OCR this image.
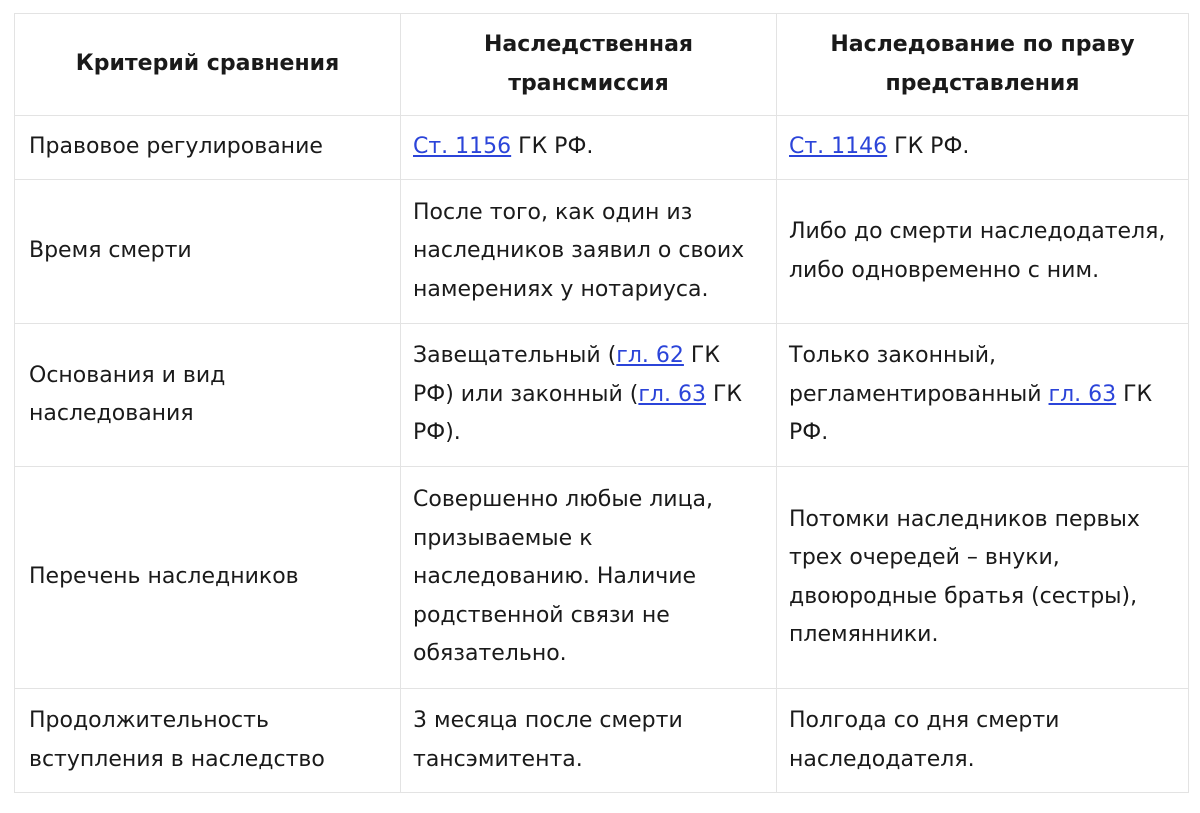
Критерий сравнения	Наследственная трансмиссия	Наследование по праву представления
Правовое регулирование	Ст. 1156 ГК РФ.	Ст. 1146 ГК РФ.
Время смерти	После того, как один из наследников заявил о своих намерениях у нотариуса.	Либо до смерти наследодателя, либо одновременно с ним.
Основания и вид наследования	Завещательный (гл. 62 ГК РФ) или законный (гл. 63 ГК РФ).	Только законный, регламентированный гл. 63 ГК РФ.
Перечень наследников	Совершенно любые лица, призываемые к наследованию. Наличие родственной связи не обязательно.	Потомки наследников первых трех очередей – внуки, двоюродные братья (сестры), племянники.
Продолжительность вступления в наследство	3 месяца после смерти тансэмитента.	Полгода со дня смерти наследодателя.
